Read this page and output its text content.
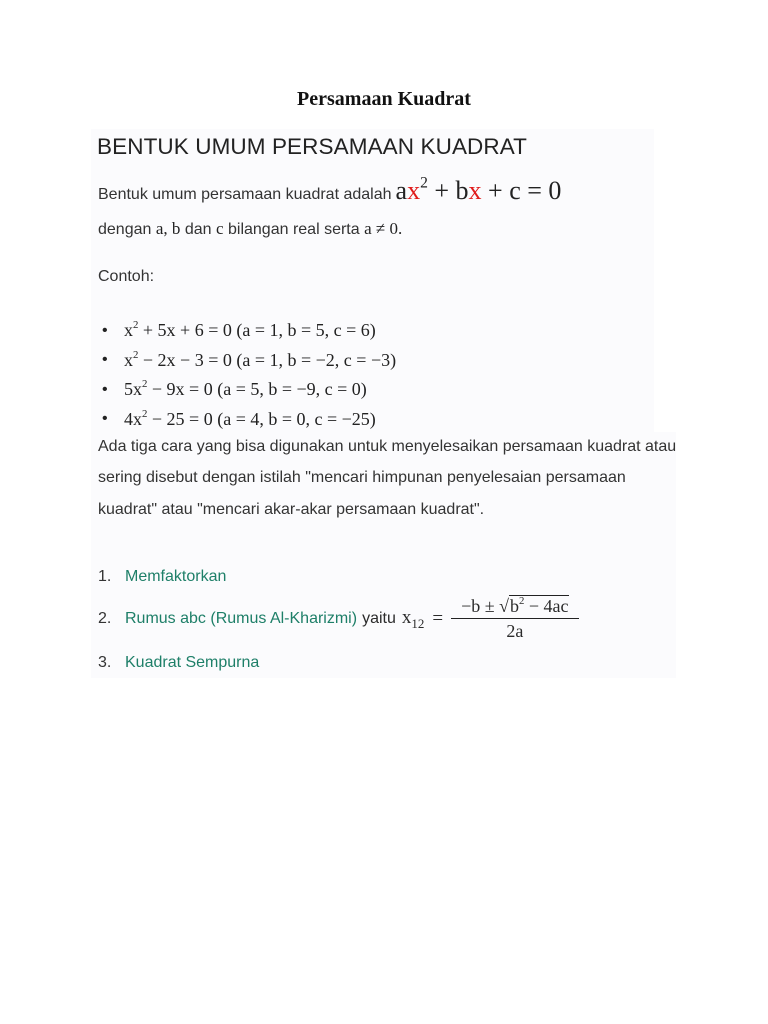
Persamaan Kuadrat
BENTUK UMUM PERSAMAAN KUADRAT
Bentuk umum persamaan kuadrat adalah $ax^2$ + bx + c = 0
dengan a, b dan c bilangan real serta a ≠ 0.
Contoh:
• $x^2 + 5x + 6 = 0$ (a = 1, b = 5, c = 6)
• $x^2 - 2x - 3 = 0$ (a = 1, b = −2, c = −3)
• $5x^2 - 9x = 0$ (a = 5, b = −9, c = 0)
• $4x^2 - 25 = 0$ (a = 4, b = 0, c = −25)
Ada tiga cara yang bisa digunakan untuk menyelesaikan persamaan kuadrat atau sering disebut dengan istilah "mencari himpunan penyelesaian persamaan kuadrat" atau "mencari akar-akar persamaan kuadrat".
1. Memfaktorkan
2. Rumus abc (Rumus Al-Kharizmi) yaitu $x_{12} = \frac{-b \pm √b^2 - 4ac}{2a}$
3. Kuadrat Sempurna
